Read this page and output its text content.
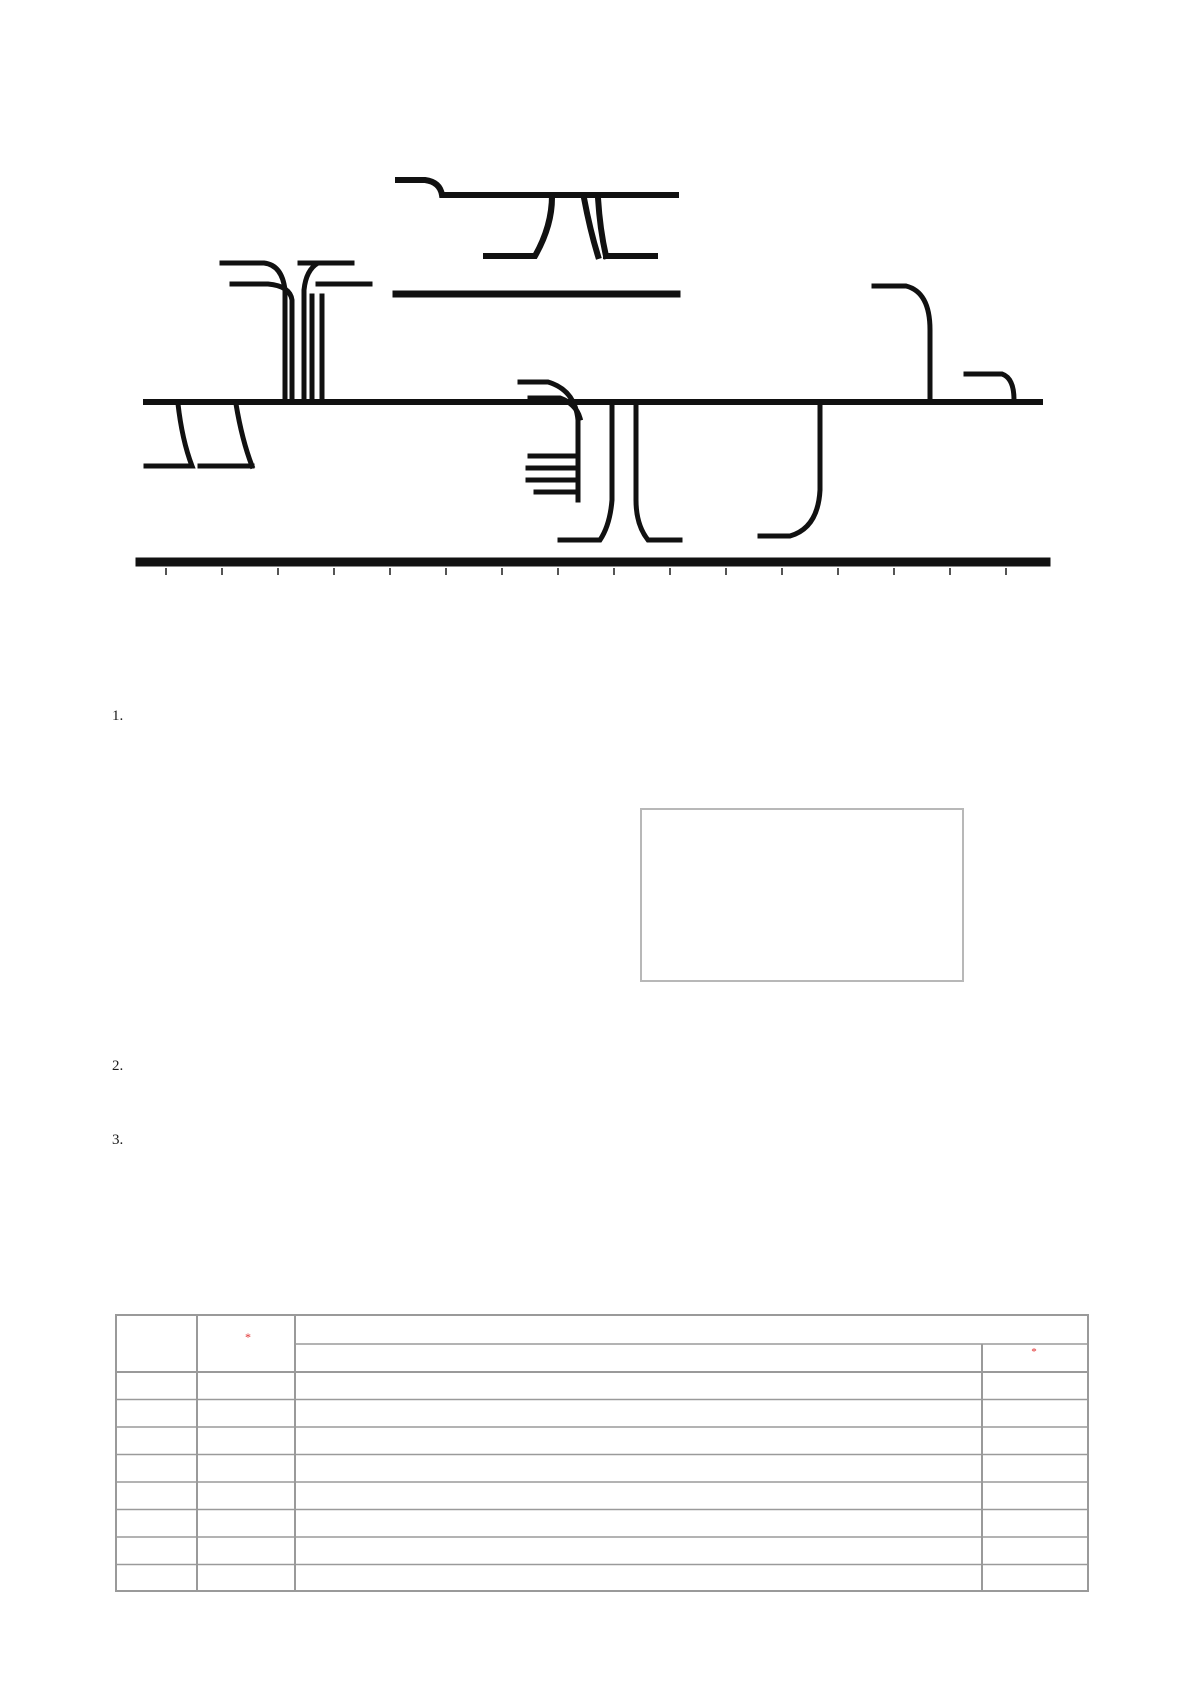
1.
2.
3.
*
*
